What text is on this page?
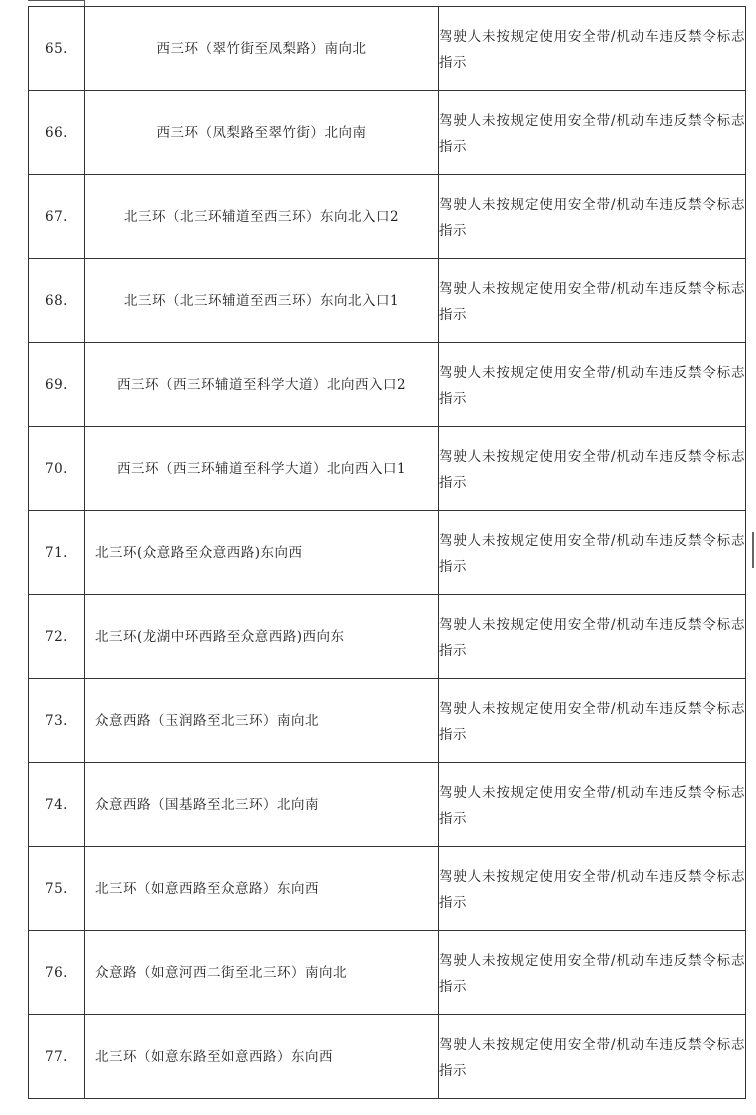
65.	西三环（翠竹街至凤梨路）南向北	驾驶人未按规定使用安全带/机动车违反禁令标志指示

66.	西三环（凤梨路至翠竹街）北向南	驾驶人未按规定使用安全带/机动车违反禁令标志指示

67.	北三环（北三环辅道至西三环）东向北入口2	驾驶人未按规定使用安全带/机动车违反禁令标志指示

68.	北三环（北三环辅道至西三环）东向北入口1	驾驶人未按规定使用安全带/机动车违反禁令标志指示

69.	西三环（西三环辅道至科学大道）北向西入口2	驾驶人未按规定使用安全带/机动车违反禁令标志指示

70.	西三环（西三环辅道至科学大道）北向西入口1	驾驶人未按规定使用安全带/机动车违反禁令标志指示

71.	北三环(众意路至众意西路)东向西	驾驶人未按规定使用安全带/机动车违反禁令标志指示

72.	北三环(龙湖中环西路至众意西路)西向东	驾驶人未按规定使用安全带/机动车违反禁令标志指示

73.	众意西路（玉润路至北三环）南向北	驾驶人未按规定使用安全带/机动车违反禁令标志指示

74.	众意西路（国基路至北三环）北向南	驾驶人未按规定使用安全带/机动车违反禁令标志指示

75.	北三环（如意西路至众意路）东向西	驾驶人未按规定使用安全带/机动车违反禁令标志指示

76.	众意路（如意河西二街至北三环）南向北	驾驶人未按规定使用安全带/机动车违反禁令标志指示

77.	北三环（如意东路至如意西路）东向西	驾驶人未按规定使用安全带/机动车违反禁令标志指示
